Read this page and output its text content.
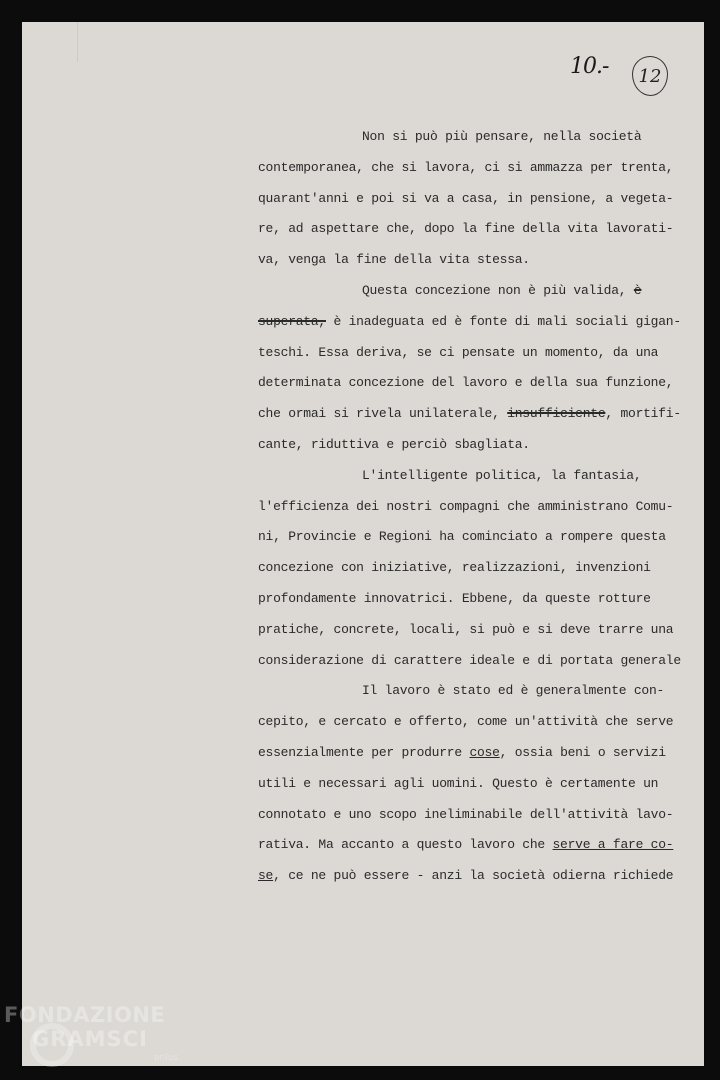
10.-	12
Non si può più pensare, nella società
contemporanea, che si lavora, ci si ammazza per trenta,
quarant'anni e poi si va a casa, in pensione, a vegeta-
re, ad aspettare che, dopo la fine della vita lavorati-
va, venga la fine della vita stessa.
Questa concezione non è più valida, è
superata, è inadeguata ed è fonte di mali sociali gigan-
teschi. Essa deriva, se ci pensate un momento, da una
determinata concezione del lavoro e della sua funzione,
che ormai si rivela unilaterale, insufficiente, mortifi-
cante, riduttiva e perciò sbagliata.
L'intelligente politica, la fantasia,
l'efficienza dei nostri compagni che amministrano Comu-
ni, Provincie e Regioni ha cominciato a rompere questa
concezione con iniziative, realizzazioni, invenzioni
profondamente innovatrici. Ebbene, da queste rotture
pratiche, concrete, locali, si può e si deve trarre una
considerazione di carattere ideale e di portata generale
Il lavoro è stato ed è generalmente con-
cepito, e cercato e offerto, come un'attività che serve
essenzialmente per produrre cose, ossia beni o servizi
utili e necessari agli uomini. Questo è certamente un
connotato e uno scopo ineliminabile dell'attività lavo-
rativa. Ma accanto a questo lavoro che serve a fare co-
se, ce ne può essere - anzi la società odierna richiede
FONDAZIONE
GRAMSCI
onlus
